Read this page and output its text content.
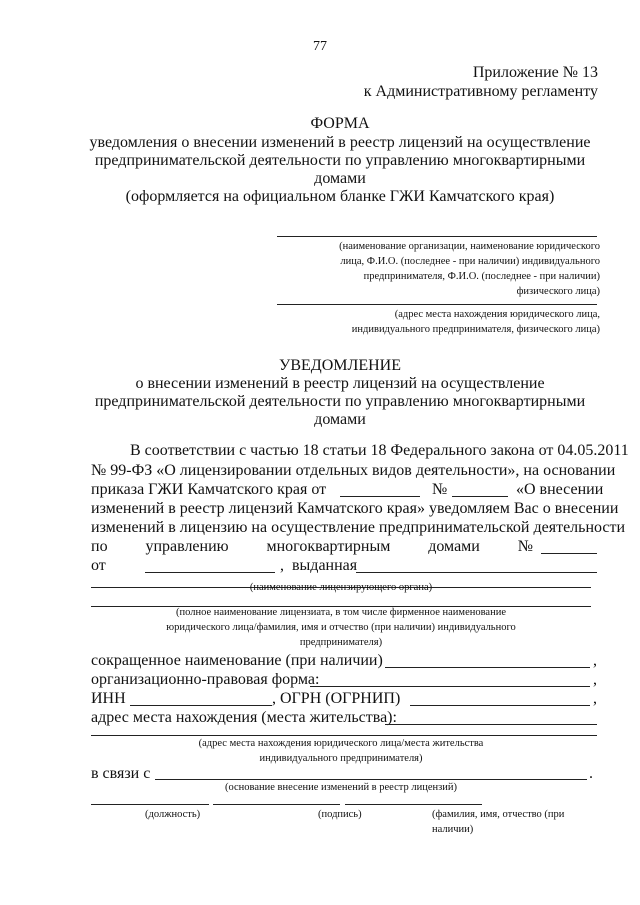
77
Приложение № 13
к Административному регламенту
ФОРМА
уведомления о внесении изменений в реестр лицензий на осуществление
предпринимательской деятельности по управлению многоквартирными
домами
(оформляется на официальном бланке ГЖИ Камчатского края)
(наименование организации, наименование юридического
лица, Ф.И.О. (последнее - при наличии) индивидуального
предпринимателя, Ф.И.О. (последнее - при наличии)
физического лица)
(адрес места нахождения юридического лица,
индивидуального предпринимателя, физического лица)
УВЕДОМЛЕНИЕ
о внесении изменений в реестр лицензий на осуществление
предпринимательской деятельности по управлению многоквартирными
домами
В соответствии с частью 18 статьи 18 Федерального закона от 04.05.2011
№ 99-ФЗ «О лицензировании отдельных видов деятельности», на основании
приказа ГЖИ Камчатского края от	№	«О внесении
изменений в реестр лицензий Камчатского края» уведомляем Вас о внесении
изменений в лицензию на осуществление предпринимательской деятельности
по управлению многоквартирным домами №
от	, выданная
(наименование лицензирующего органа)
(полное наименование лицензиата, в том числе фирменное наименование
юридического лица/фамилия, имя и отчество (при наличии) индивидуального
предпринимателя)
сокращенное наименование (при наличии)	,
организационно-правовая форма:	,
ИНН	, ОГРН (ОГРНИП)	,
адрес места нахождения (места жительства):
(адрес места нахождения юридического лица/места жительства
индивидуального предпринимателя)
в связи с	.
(основание внесение изменений в реестр лицензий)
(должность)	(подпись)	(фамилия, имя, отчество (при
наличии)
